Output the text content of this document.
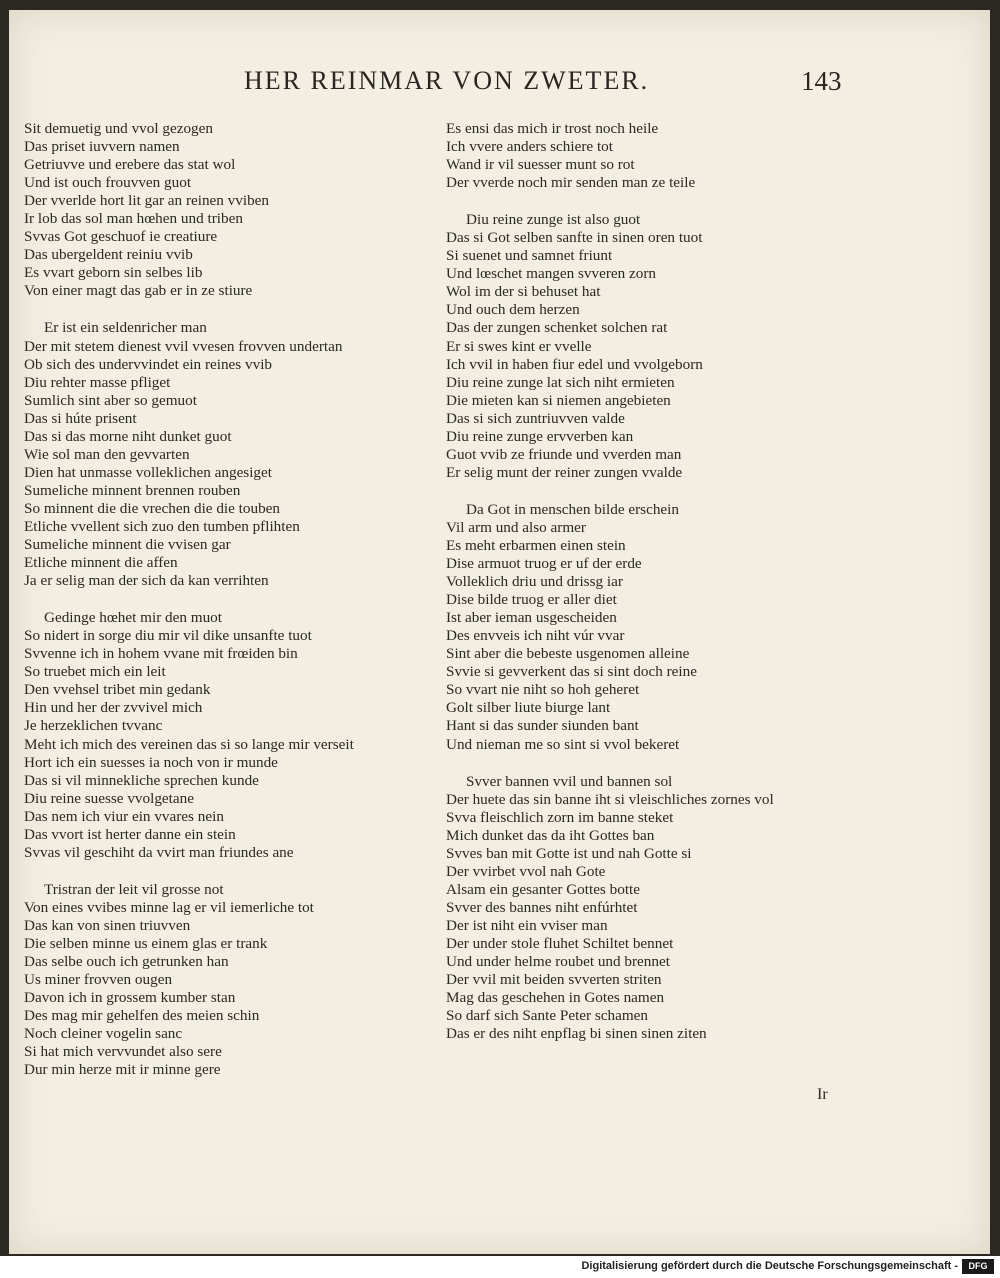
HER REINMAR VON ZWETER.	143
Sit demuetig und vvol gezogen
Das priset iuvvern namen
Getriuvve und erebere das stat wol
Und ist ouch frouvven guot
Der vverlde hort lit gar an reinen vviben
Ir lob das sol man hœhen und triben
Svvas Got geschuof ie creatiure
Das ubergeldent reiniu vvib
Es vvart geborn sin selbes lib
Von einer magt das gab er in ze stiure
Er ist ein seldenricher man
Der mit stetem dienest vvil vvesen frovven undertan
Ob sich des undervvindet ein reines vvib
Diu rehter masse pfliget
Sumlich sint aber so gemuot
Das si húte prisent
Das si das morne niht dunket guot
Wie sol man den gevvarten
Dien hat unmasse volleklichen angesiget
Sumeliche minnent brennen rouben
So minnent die die vrechen die die touben
Etliche vvellent sich zuo den tumben pflihten
Sumeliche minnent die vvisen gar
Etliche minnent die affen
Ja er selig man der sich da kan verrihten
Gedinge hœhet mir den muot
So nidert in sorge diu mir vil dike unsanfte tuot
Svvenne ich in hohem vvane mit frœiden bin
So truebet mich ein leit
Den vvehsel tribet min gedank
Hin und her der zvvivel mich
Je herzeklichen tvvanc
Meht ich mich des vereinen das si so lange mir verseit
Hort ich ein suesses ia noch von ir munde
Das si vil minnekliche sprechen kunde
Diu reine suesse vvolgetane
Das nem ich viur ein vvares nein
Das vvort ist herter danne ein stein
Svvas vil geschiht da vvirt man friundes ane
Tristran der leit vil grosse not
Von eines vvibes minne lag er vil iemerliche tot
Das kan von sinen triuvven
Die selben minne us einem glas er trank
Das selbe ouch ich getrunken han
Us miner frovven ougen
Davon ich in grossem kumber stan
Des mag mir gehelfen des meien schin
Noch cleiner vogelin sanc
Si hat mich vervvundet also sere
Dur min herze mit ir minne gere
Es ensi das mich ir trost noch heile
Ich vvere anders schiere tot
Wand ir vil suesser munt so rot
Der vverde noch mir senden man ze teile
Diu reine zunge ist also guot
Das si Got selben sanfte in sinen oren tuot
Si suenet und samnet friunt
Und lœschet mangen svveren zorn
Wol im der si behuset hat
Und ouch dem herzen
Das der zungen schenket solchen rat
Er si swes kint er vvelle
Ich vvil in haben fiur edel und vvolgeborn
Diu reine zunge lat sich niht ermieten
Die mieten kan si niemen angebieten
Das si sich zuntriuvven valde
Diu reine zunge ervverben kan
Guot vvib ze friunde und vverden man
Er selig munt der reiner zungen vvalde
Da Got in menschen bilde erschein
Vil arm und also armer
Es meht erbarmen einen stein
Dise armuot truog er uf der erde
Volleklich driu und drissg iar
Dise bilde truog er aller diet
Ist aber ieman usgescheiden
Des envveis ich niht vúr vvar
Sint aber die bebeste usgenomen alleine
Svvie si gevverkent das si sint doch reine
So vvart nie niht so hoh geheret
Golt silber liute biurge lant
Hant si das sunder siunden bant
Und nieman me so sint si vvol bekeret
Svver bannen vvil und bannen sol
Der huete das sin banne iht si vleischliches zornes vol
Svva fleischlich zorn im banne steket
Mich dunket das da iht Gottes ban
Svves ban mit Gotte ist und nah Gotte si
Der vvirbet vvol nah Gote
Alsam ein gesanter Gottes botte
Svver des bannes niht enfúrhtet
Der ist niht ein vviser man
Der under stole fluhet Schiltet bennet
Und under helme roubet und brennet
Der vvil mit beiden svverten striten
Mag das geschehen in Gotes namen
So darf sich Sante Peter schamen
Das er des niht enpflag bi sinen sinen ziten
Ir
Digitalisierung gefördert durch die Deutsche Forschungsgemeinschaft -	DFG
